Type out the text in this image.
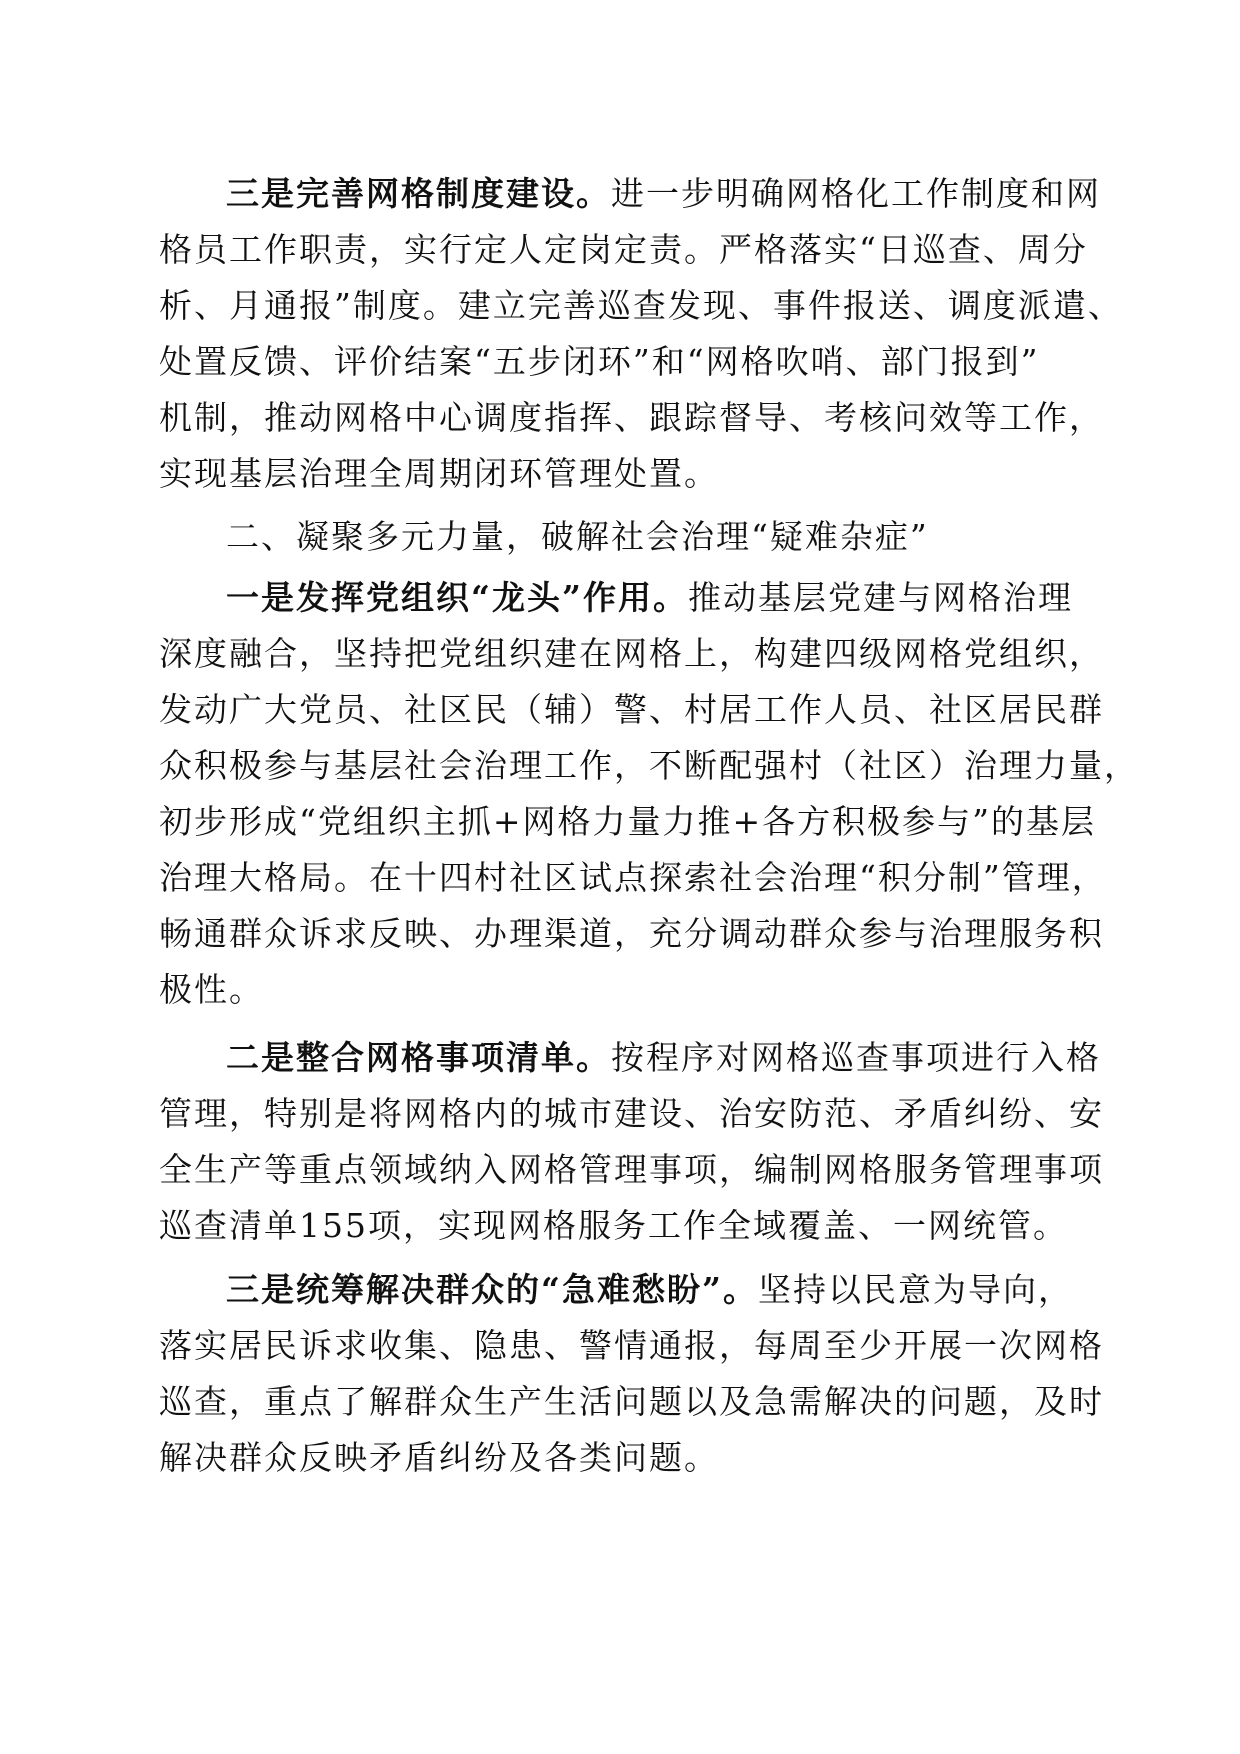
三是完善网格制度建设。进一步明确网格化工作制度和网

格员工作职责，实行定人定岗定责。严格落实“日巡查、周分

析、月通报”制度。建立完善巡查发现、事件报送、调度派遣、

处置反馈、评价结案“五步闭环”和“网格吹哨、部门报到”

机制，推动网格中心调度指挥、跟踪督导、考核问效等工作，

实现基层治理全周期闭环管理处置。

二、凝聚多元力量，破解社会治理“疑难杂症”

一是发挥党组织“龙头”作用。推动基层党建与网格治理

深度融合，坚持把党组织建在网格上，构建四级网格党组织，

发动广大党员、社区民（辅）警、村居工作人员、社区居民群

众积极参与基层社会治理工作，不断配强村（社区）治理力量，

初步形成“党组织主抓+网格力量力推+各方积极参与”的基层

治理大格局。在十四村社区试点探索社会治理“积分制”管理，

畅通群众诉求反映、办理渠道，充分调动群众参与治理服务积

极性。

二是整合网格事项清单。按程序对网格巡查事项进行入格

管理，特别是将网格内的城市建设、治安防范、矛盾纠纷、安

全生产等重点领域纳入网格管理事项，编制网格服务管理事项

巡查清单155项，实现网格服务工作全域覆盖、一网统管。

三是统筹解决群众的“急难愁盼”。坚持以民意为导向，

落实居民诉求收集、隐患、警情通报，每周至少开展一次网格

巡查，重点了解群众生产生活问题以及急需解决的问题，及时

解决群众反映矛盾纠纷及各类问题。
